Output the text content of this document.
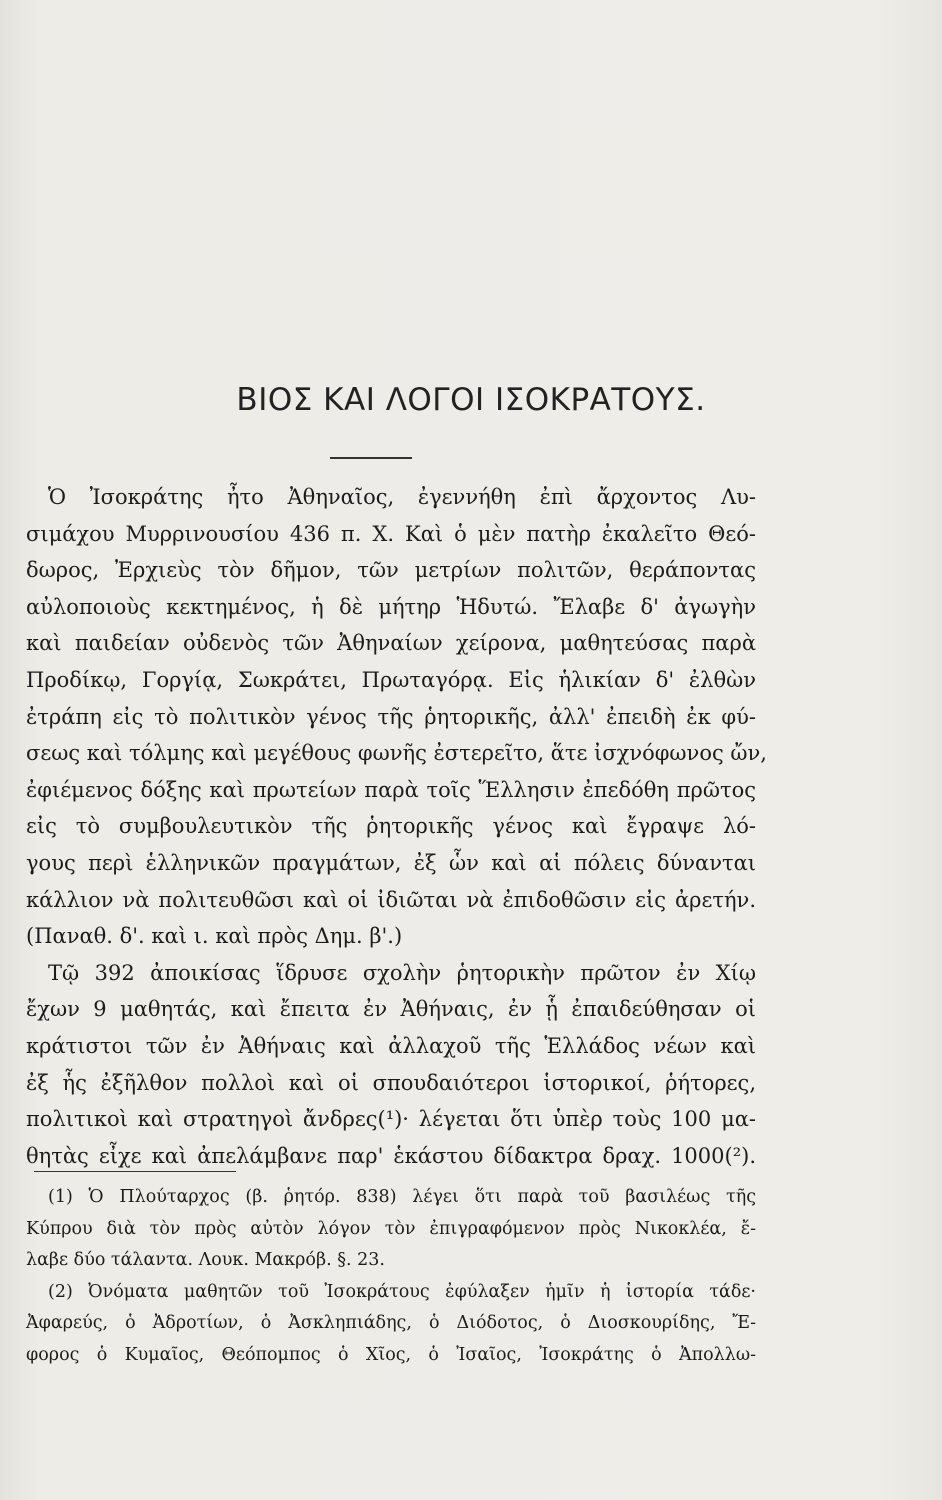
ΒΙΟΣ ΚΑΙ ΛΟΓΟΙ ΙΣΟΚΡΑΤΟΥΣ.
Ὁ Ἰσοκράτης ἦτο Ἀθηναῖος, ἐγεννήθη ἐπὶ ἄρχοντος Λυ-
σιμάχου Μυρρινουσίου 436 π. Χ. Καὶ ὁ μὲν πατὴρ ἐκαλεῖτο Θεό-
δωρος, Ἐρχιεὺς τὸν δῆμον, τῶν μετρίων πολιτῶν, θεράποντας
αὐλοποιοὺς κεκτημένος, ἡ δὲ μήτηρ Ἡδυτώ. Ἔλαβε δ' ἀγωγὴν
καὶ παιδείαν οὐδενὸς τῶν Ἀθηναίων χείρονα, μαθητεύσας παρὰ
Προδίκῳ, Γοργίᾳ, Σωκράτει, Πρωταγόρᾳ. Εἰς ἡλικίαν δ' ἐλθὼν
ἐτράπη εἰς τὸ πολιτικὸν γένος τῆς ῥητορικῆς, ἀλλ' ἐπειδὴ ἐκ φύ-
σεως καὶ τόλμης καὶ μεγέθους φωνῆς ἐστερεῖτο, ἅτε ἰσχνόφωνος ὤν,
ἐφιέμενος δόξης καὶ πρωτείων παρὰ τοῖς Ἕλλησιν ἐπεδόθη πρῶτος
εἰς τὸ συμβουλευτικὸν τῆς ῥητορικῆς γένος καὶ ἔγραψε λό-
γους περὶ ἑλληνικῶν πραγμάτων, ἐξ ὧν καὶ αἱ πόλεις δύνανται
κάλλιον νὰ πολιτευθῶσι καὶ οἱ ἰδιῶται νὰ ἐπιδοθῶσιν εἰς ἀρετήν.
(Παναθ. δ'. καὶ ι. καὶ πρὸς Δημ. β'.)
Τῷ 392 ἀποικίσας ἵδρυσε σχολὴν ῥητορικὴν πρῶτον ἐν Χίῳ
ἔχων 9 μαθητάς, καὶ ἔπειτα ἐν Ἀθήναις, ἐν ᾗ ἐπαιδεύθησαν οἱ
κράτιστοι τῶν ἐν Ἀθήναις καὶ ἀλλαχοῦ τῆς Ἑλλάδος νέων καὶ
ἐξ ἧς ἐξῆλθον πολλοὶ καὶ οἱ σπουδαιότεροι ἱστορικοί, ῥήτορες,
πολιτικοὶ καὶ στρατηγοὶ ἄνδρες(¹)· λέγεται ὅτι ὑπὲρ τοὺς 100 μα-
θητὰς εἶχε καὶ ἀπελάμβανε παρ' ἑκάστου δίδακτρα δραχ. 1000(²).
(1) Ὁ Πλούταρχος (β. ῥητόρ. 838) λέγει ὅτι παρὰ τοῦ βασιλέως τῆς
Κύπρου διὰ τὸν πρὸς αὐτὸν λόγον τὸν ἐπιγραφόμενον πρὸς Νικοκλέα, ἔ-
λαβε δύο τάλαντα. Λουκ. Μακρόβ. §. 23.
(2) Ὀνόματα μαθητῶν τοῦ Ἰσοκράτους ἐφύλαξεν ἡμῖν ἡ ἱστορία τάδε·
Ἀφαρεύς, ὁ Ἀδροτίων, ὁ Ἀσκληπιάδης, ὁ Διόδοτος, ὁ Διοσκουρίδης, Ἔ-
φορος ὁ Κυμαῖος, Θεόπομπος ὁ Χῖος, ὁ Ἰσαῖος, Ἰσοκράτης ὁ Ἀπολλω-
